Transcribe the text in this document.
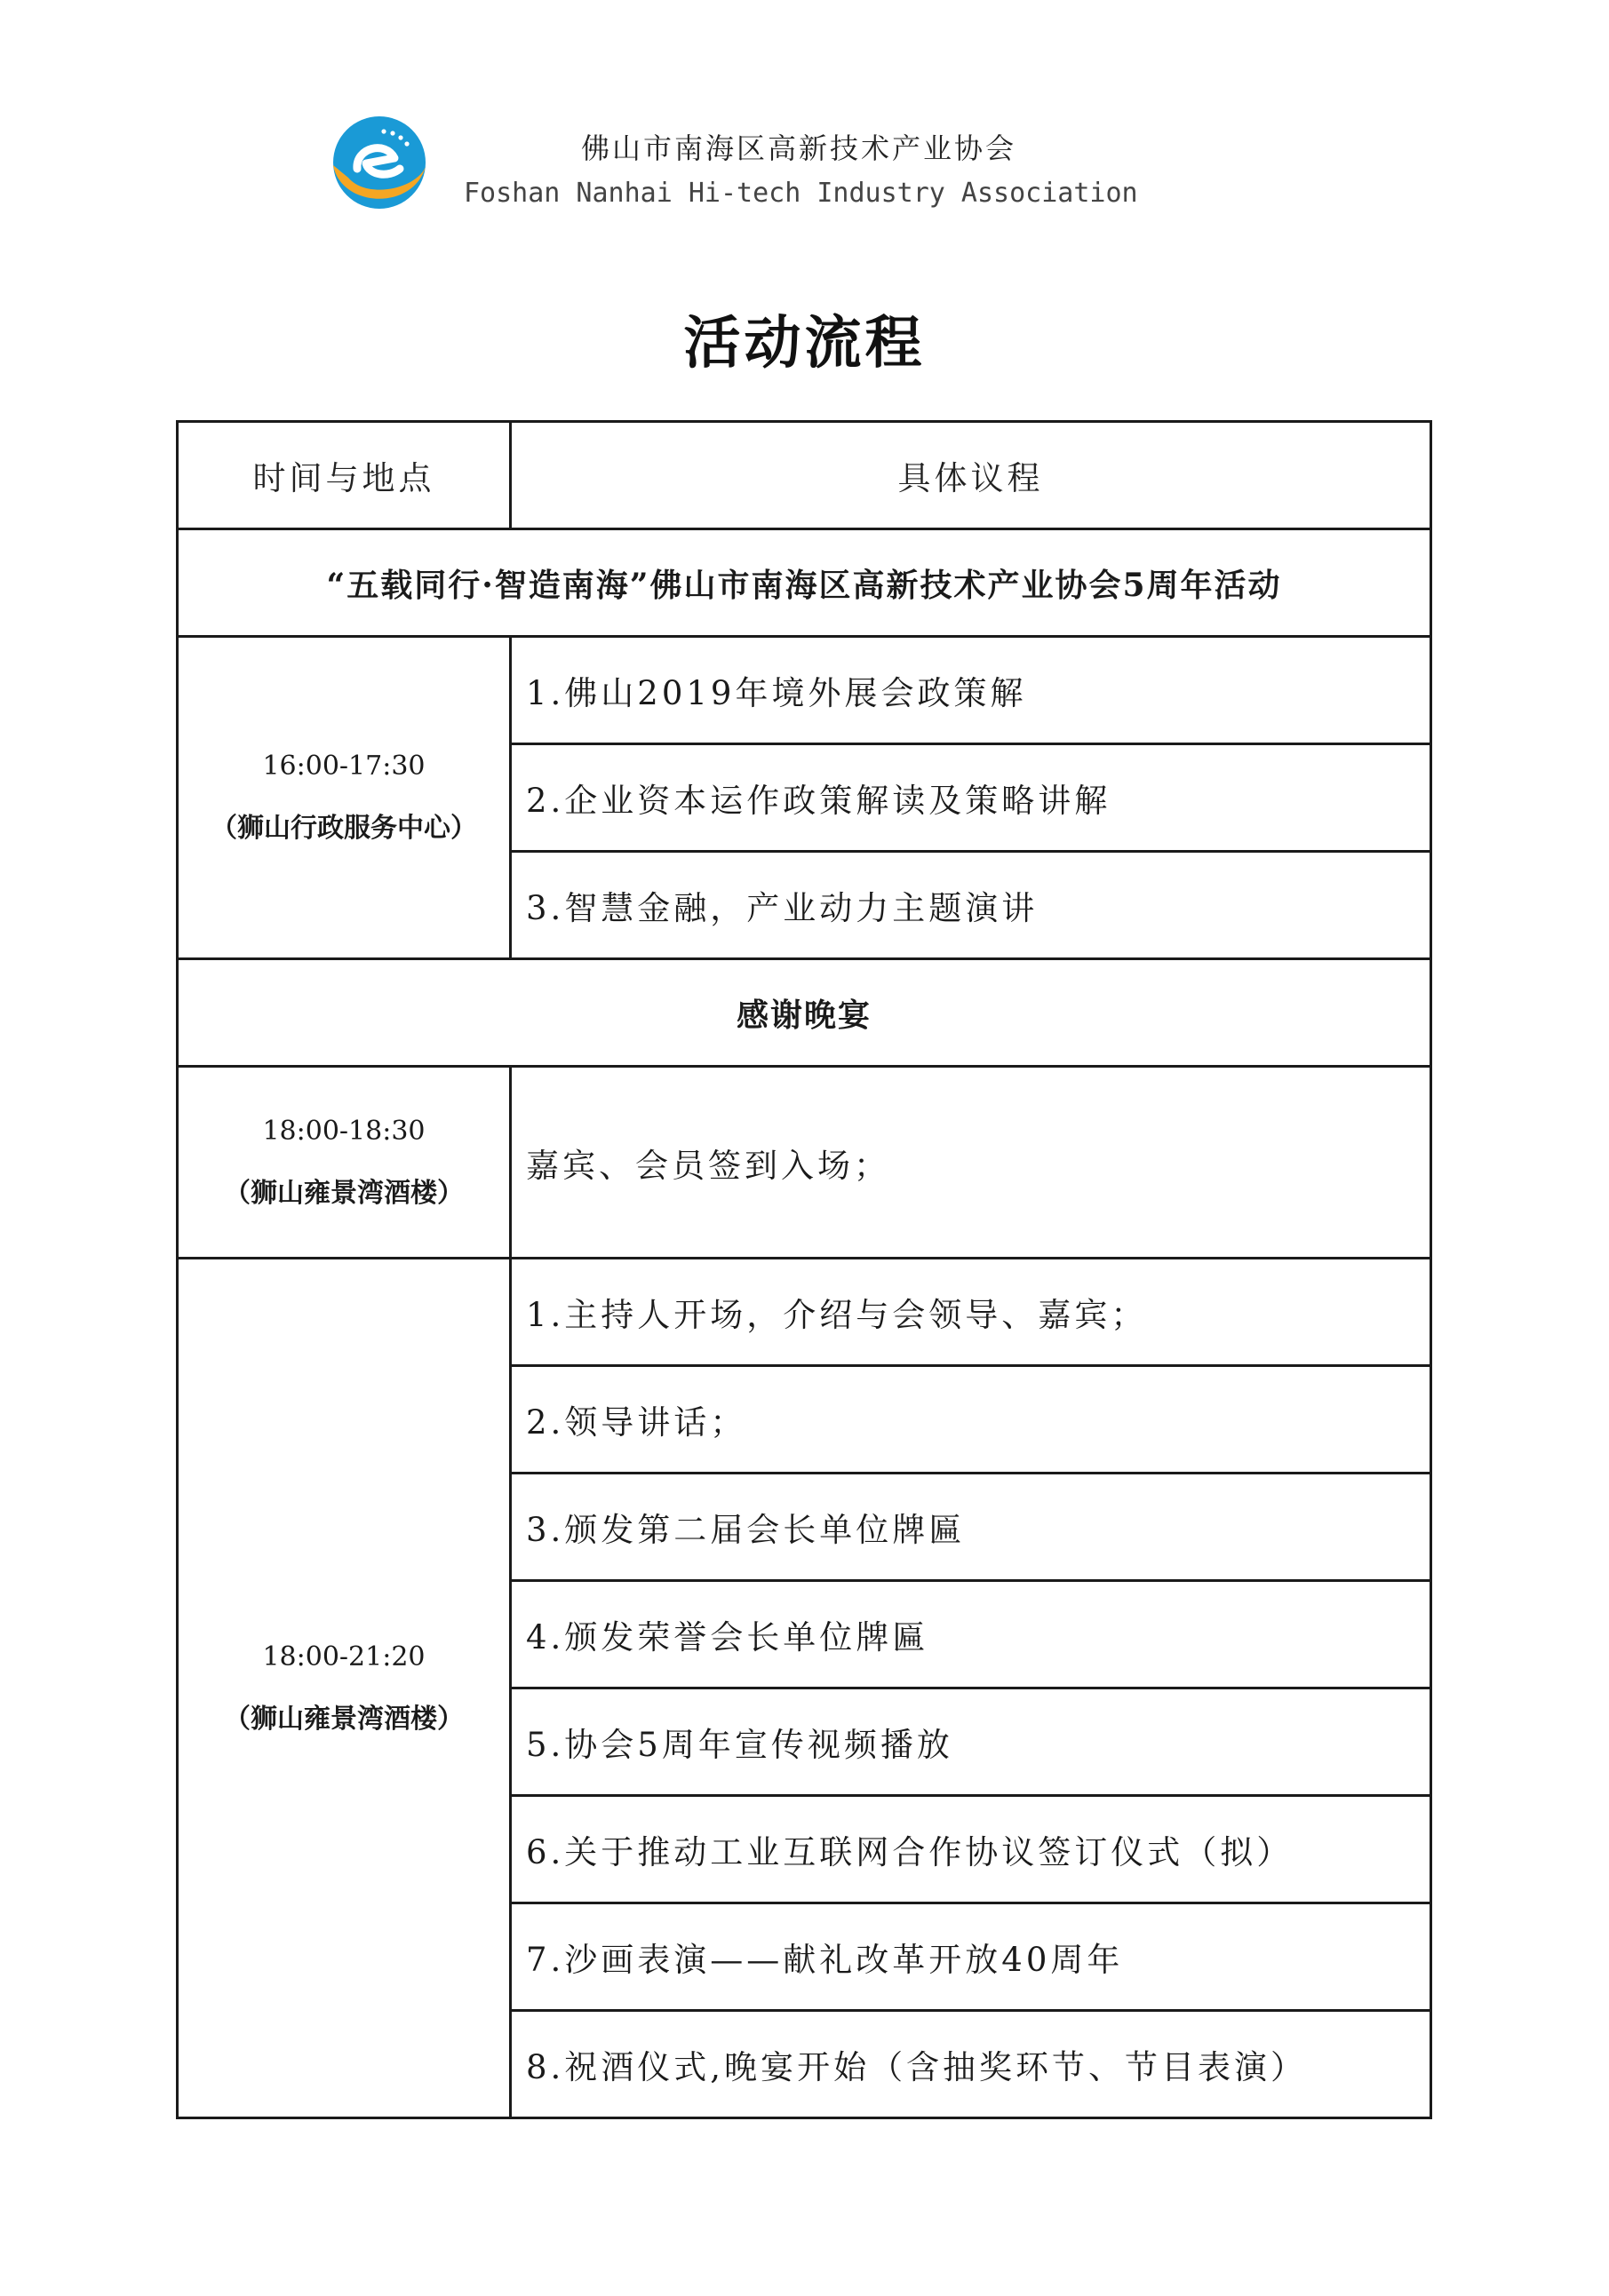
佛山市南海区高新技术产业协会
Foshan Nanhai Hi-tech Industry Association
活动流程
时间与地点	具体议程
“五载同行·智造南海”佛山市南海区高新技术产业协会5周年活动	

16:00-17:30
（狮山行政服务中心）	1.佛山2019年境外展会政策解
	2.企业资本运作政策解读及策略讲解
	3.智慧金融，产业动力主题演讲
感谢晚宴	

18:00-18:30
（狮山雍景湾酒楼）	嘉宾、会员签到入场；

18:00-21:20
（狮山雍景湾酒楼）	1.主持人开场，介绍与会领导、嘉宾；
	2.领导讲话；
	3.颁发第二届会长单位牌匾
	4.颁发荣誉会长单位牌匾
	5.协会5周年宣传视频播放
	6.关于推动工业互联网合作协议签订仪式（拟）
	7.沙画表演——献礼改革开放40周年
	8.祝酒仪式,晚宴开始（含抽奖环节、节目表演）
